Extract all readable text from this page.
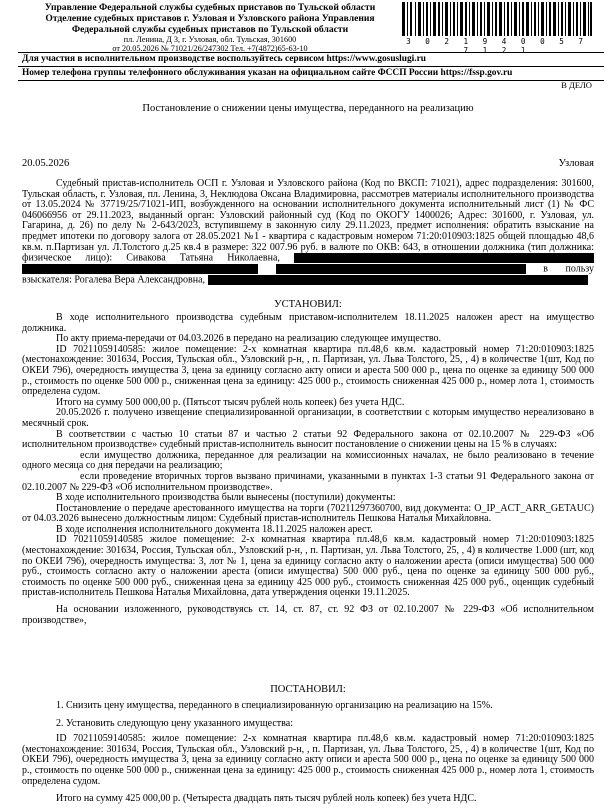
Управление Федеральной службы судебных приставов по Тульской области
Отделение судебных приставов г. Узловая и Узловского района Управления
Федеральной службы судебных приставов по Тульской области
пл. Ленина, Д 3, г. Узловая, обл. Тульская, 301600
от 20.05.2026 № 71021/26/247302 Тел. +7(4872)65-63-10
3 0 2 1 9 4 0 0 5 7 7 1 2 1
Для участия в исполнительном производстве воспользуйтесь сервисом https://www.gosuslugi.ru
Номер телефона группы телефонного обслуживания указан на официальном сайте ФССП России https://fssp.gov.ru
В ДЕЛО
Постановление о снижении цены имущества, переданного на реализацию
20.05.2026	Узловая
Судебный пристав-исполнитель ОСП г. Узловая и Узловского района (Код по ВКСП: 71021), адрес подразделения: 301600, Тульская область, г. Узловая, пл. Ленина, 3, Неклюдова Оксана Владимировна, рассмотрев материалы исполнительного производства от 13.05.2024 № 37719/25/71021-ИП, возбужденного на основании исполнительного документа исполнительный лист (1) № ФС 046066956 от 29.11.2023, выданный орган: Узловский районный суд (Код по ОКОГУ 1400026; Адрес: 301600, г. Узловая, ул. Гагарина, д. 26) по делу № 2-643/2023, вступившему в законную силу 29.11.2023, предмет исполнения: обратить взыскание на предмет ипотеки по договору залога от 28.05.2021 №1 - квартира с кадастровым номером 71:20:010903:1825 общей площадью 48,6 кв.м. п.Партизан ул. Л.Толстого д.25 кв.4 в размере: 322 007.96 руб. в валюте по ОКВ: 643, в отношении должника (тип должника: физическое лицо): Сивакова Татьяна Николаевна,    в пользу взыскателя: Рогалева Вера Александровна,
УСТАНОВИЛ:
В ходе исполнительного производства судебным приставом-исполнителем 18.11.2025 наложен арест на имущество должника.
По акту приема-передачи от 04.03.2026 в передано на реализацию следующее имущество.
ID 70211059140585: жилое помещение: 2-х комнатная квартира пл.48,6 кв.м. кадастровый номер 71:20:010903:1825 (местонахождение: 301634, Россия, Тульская обл., Узловский р-н, , п. Партизан, ул. Льва Толстого, 25, , 4) в количестве 1(шт, Код по ОКЕИ 796), очередность имущества 3, цена за единицу согласно акту описи и ареста 500 000 р., цена по оценке за единицу 500 000 р., стоимость по оценке 500 000 р., сниженная цена за единицу: 425 000 р., стоимость сниженная 425 000 р., номер лота 1, стоимость определена судом.
Итого на сумму 500 000,00 р. (Пятьсот тысяч рублей ноль копеек) без учета НДС.
20.05.2026 г. получено извещение специализированной организации, в соответствии с которым имущество нереализовано в месячный срок.
В соответствии с частью 10 статьи 87 и частью 2 статьи 92 Федерального закона от 02.10.2007 № 229-ФЗ «Об исполнительном производстве» судебный пристав-исполнитель выносит постановление о снижении цены на 15 % в случаях:
если имущество должника, переданное для реализации на комиссионных началах, не было реализовано в течение одного месяца со дня передачи на реализацию;
если проведение вторичных торгов вызвано причинами, указанными в пунктах 1-3 статьи 91 Федерального закона от 02.10.2007 № 229-ФЗ «Об исполнительном производстве».
В ходе исполнительного производства были вынесены (поступили) документы:
Постановление о передаче арестованного имущества на торги (70211297360700, вид документа: O_IP_ACT_ARR_GETAUC) от 04.03.2026 вынесено должностным лицом: Судебный пристав-исполнитель Пешкова Наталья Михайловна.
В ходе исполнения исполнительного документа 18.11.2025 наложен арест.
ID 70211059140585 жилое помещение: 2-х комнатная квартира пл.48,6 кв.м. кадастровый номер 71:20:010903:1825 (местонахождение: 301634, Россия, Тульская обл., Узловский р-н, , п. Партизан, ул. Льва Толстого, 25, , 4) в количестве 1.000 (шт, код по ОКЕИ 796), очередность имущества: 3, лот № 1, цена за единицу согласно акту о наложении ареста (описи имущества) 500 000 руб., стоимость согласно акту о наложении ареста (описи имущества) 500 000 руб., цена по оценке за единицу 500 000 руб., стоимость по оценке 500 000 руб., сниженная цена за единицу 425 000 руб., стоимость сниженная 425 000 руб., оценщик судебный пристав-исполнитель Пешкова Наталья Михайловна, дата утверждения оценки 19.11.2025.
На основании изложенного, руководствуясь ст. 14, ст. 87, ст. 92 ФЗ от 02.10.2007 № 229-ФЗ «Об исполнительном производстве»,
ПОСТАНОВИЛ:
1. Снизить цену имущества, переданного в специализированную организацию на реализацию на 15%.
2. Установить следующую цену указанного имущества:
ID 70211059140585: жилое помещение: 2-х комнатная квартира пл.48,6 кв.м. кадастровый номер 71:20:010903:1825 (местонахождение: 301634, Россия, Тульская обл., Узловский р-н, , п. Партизан, ул. Льва Толстого, 25, , 4) в количестве 1(шт, Код по ОКЕИ 796), очередность имущества 3, цена за единицу согласно акту описи и ареста 500 000 р., цена по оценке за единицу 500 000 р., стоимость по оценке 500 000 р., сниженная цена за единицу: 425 000 р., стоимость сниженная 425 000 р., номер лота 1, стоимость определена судом.
Итого на сумму 425 000,00 р. (Четыреста двадцать пять тысяч рублей ноль копеек) без учета НДС.
